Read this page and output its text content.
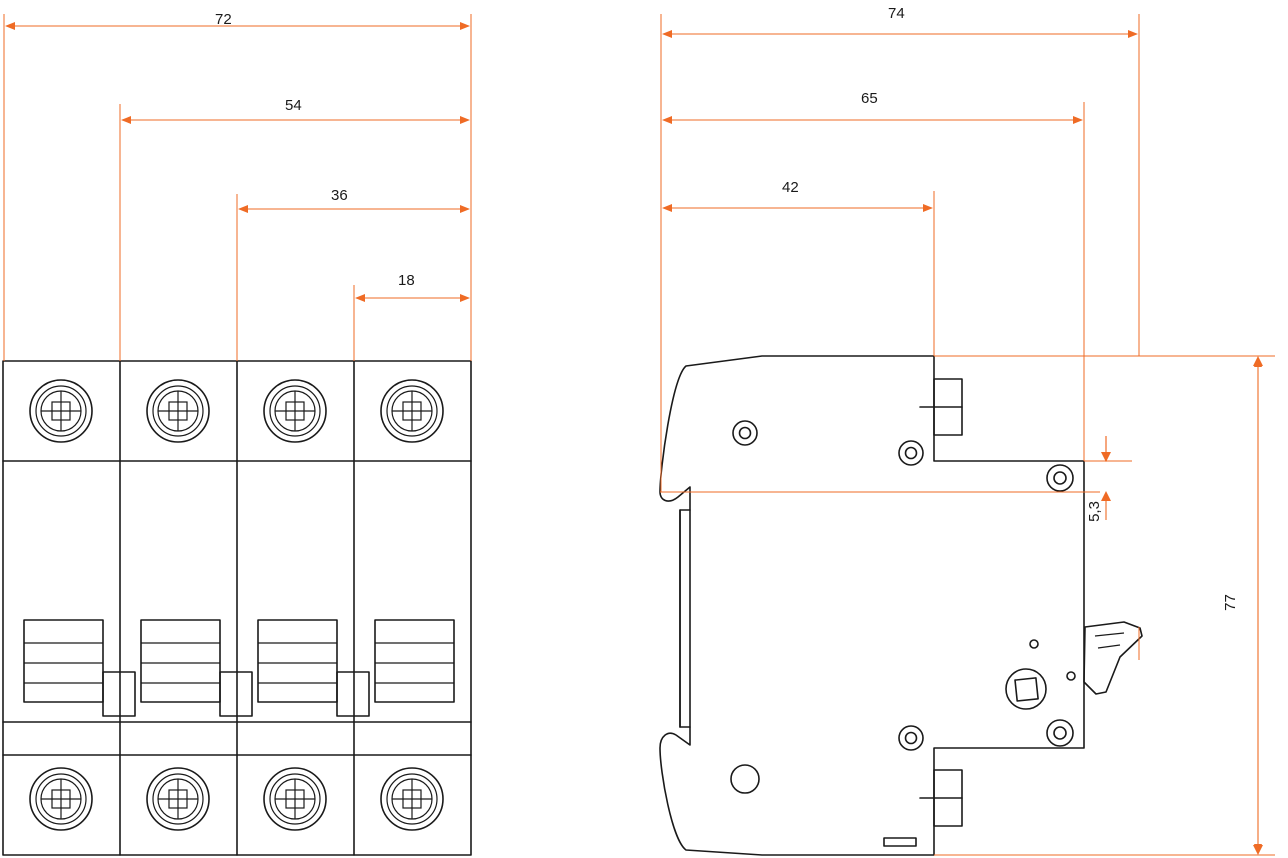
72
54
36
18
74
65
42
5,3
77
